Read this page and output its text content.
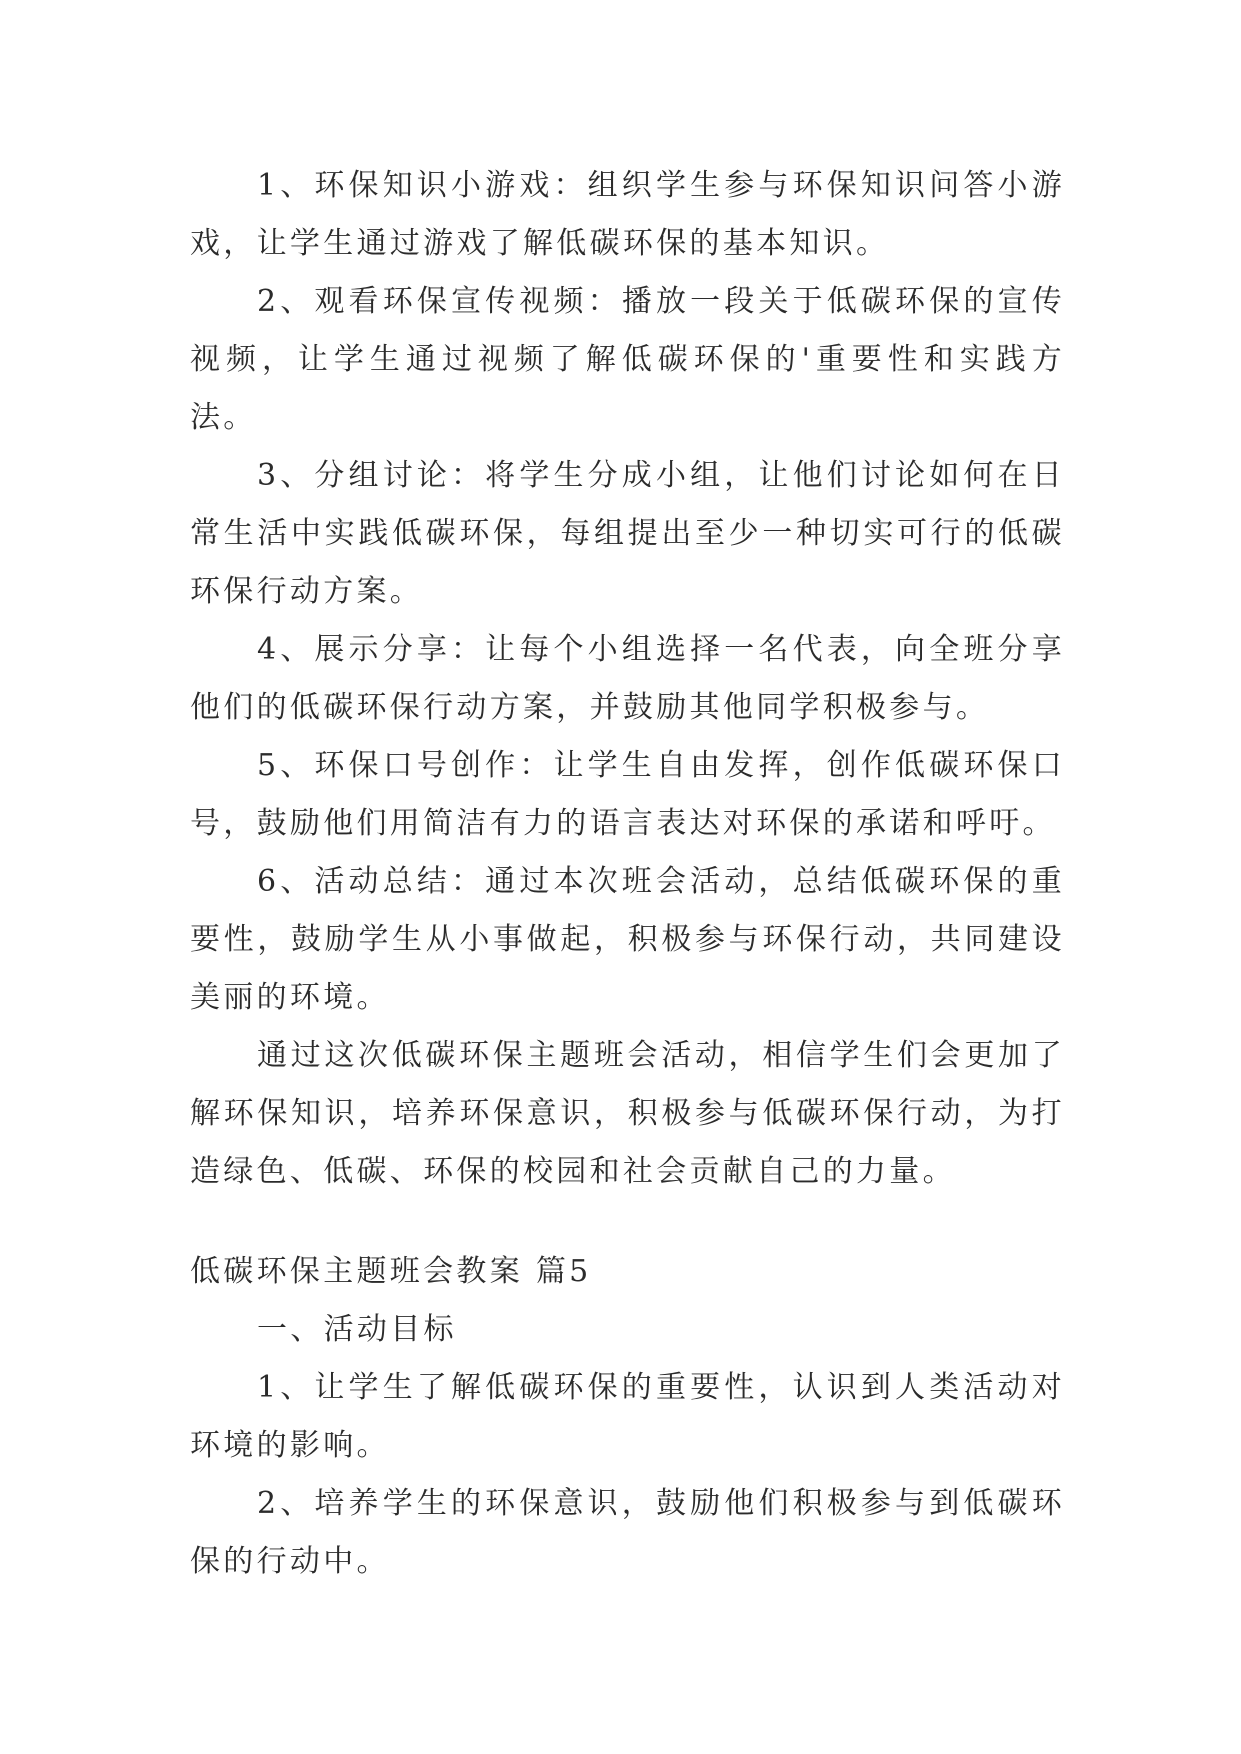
1、环保知识小游戏：组织学生参与环保知识问答小游戏，让学生通过游戏了解低碳环保的基本知识。

2、观看环保宣传视频：播放一段关于低碳环保的宣传视频，让学生通过视频了解低碳环保的'重要性和实践方法。

3、分组讨论：将学生分成小组，让他们讨论如何在日常生活中实践低碳环保，每组提出至少一种切实可行的低碳环保行动方案。

4、展示分享：让每个小组选择一名代表，向全班分享他们的低碳环保行动方案，并鼓励其他同学积极参与。

5、环保口号创作：让学生自由发挥，创作低碳环保口号，鼓励他们用简洁有力的语言表达对环保的承诺和呼吁。

6、活动总结：通过本次班会活动，总结低碳环保的重要性，鼓励学生从小事做起，积极参与环保行动，共同建设美丽的环境。

通过这次低碳环保主题班会活动，相信学生们会更加了解环保知识，培养环保意识，积极参与低碳环保行动，为打造绿色、低碳、环保的校园和社会贡献自己的力量。

低碳环保主题班会教案 篇5

一、活动目标

1、让学生了解低碳环保的重要性，认识到人类活动对环境的影响。

2、培养学生的环保意识，鼓励他们积极参与到低碳环保的行动中。
